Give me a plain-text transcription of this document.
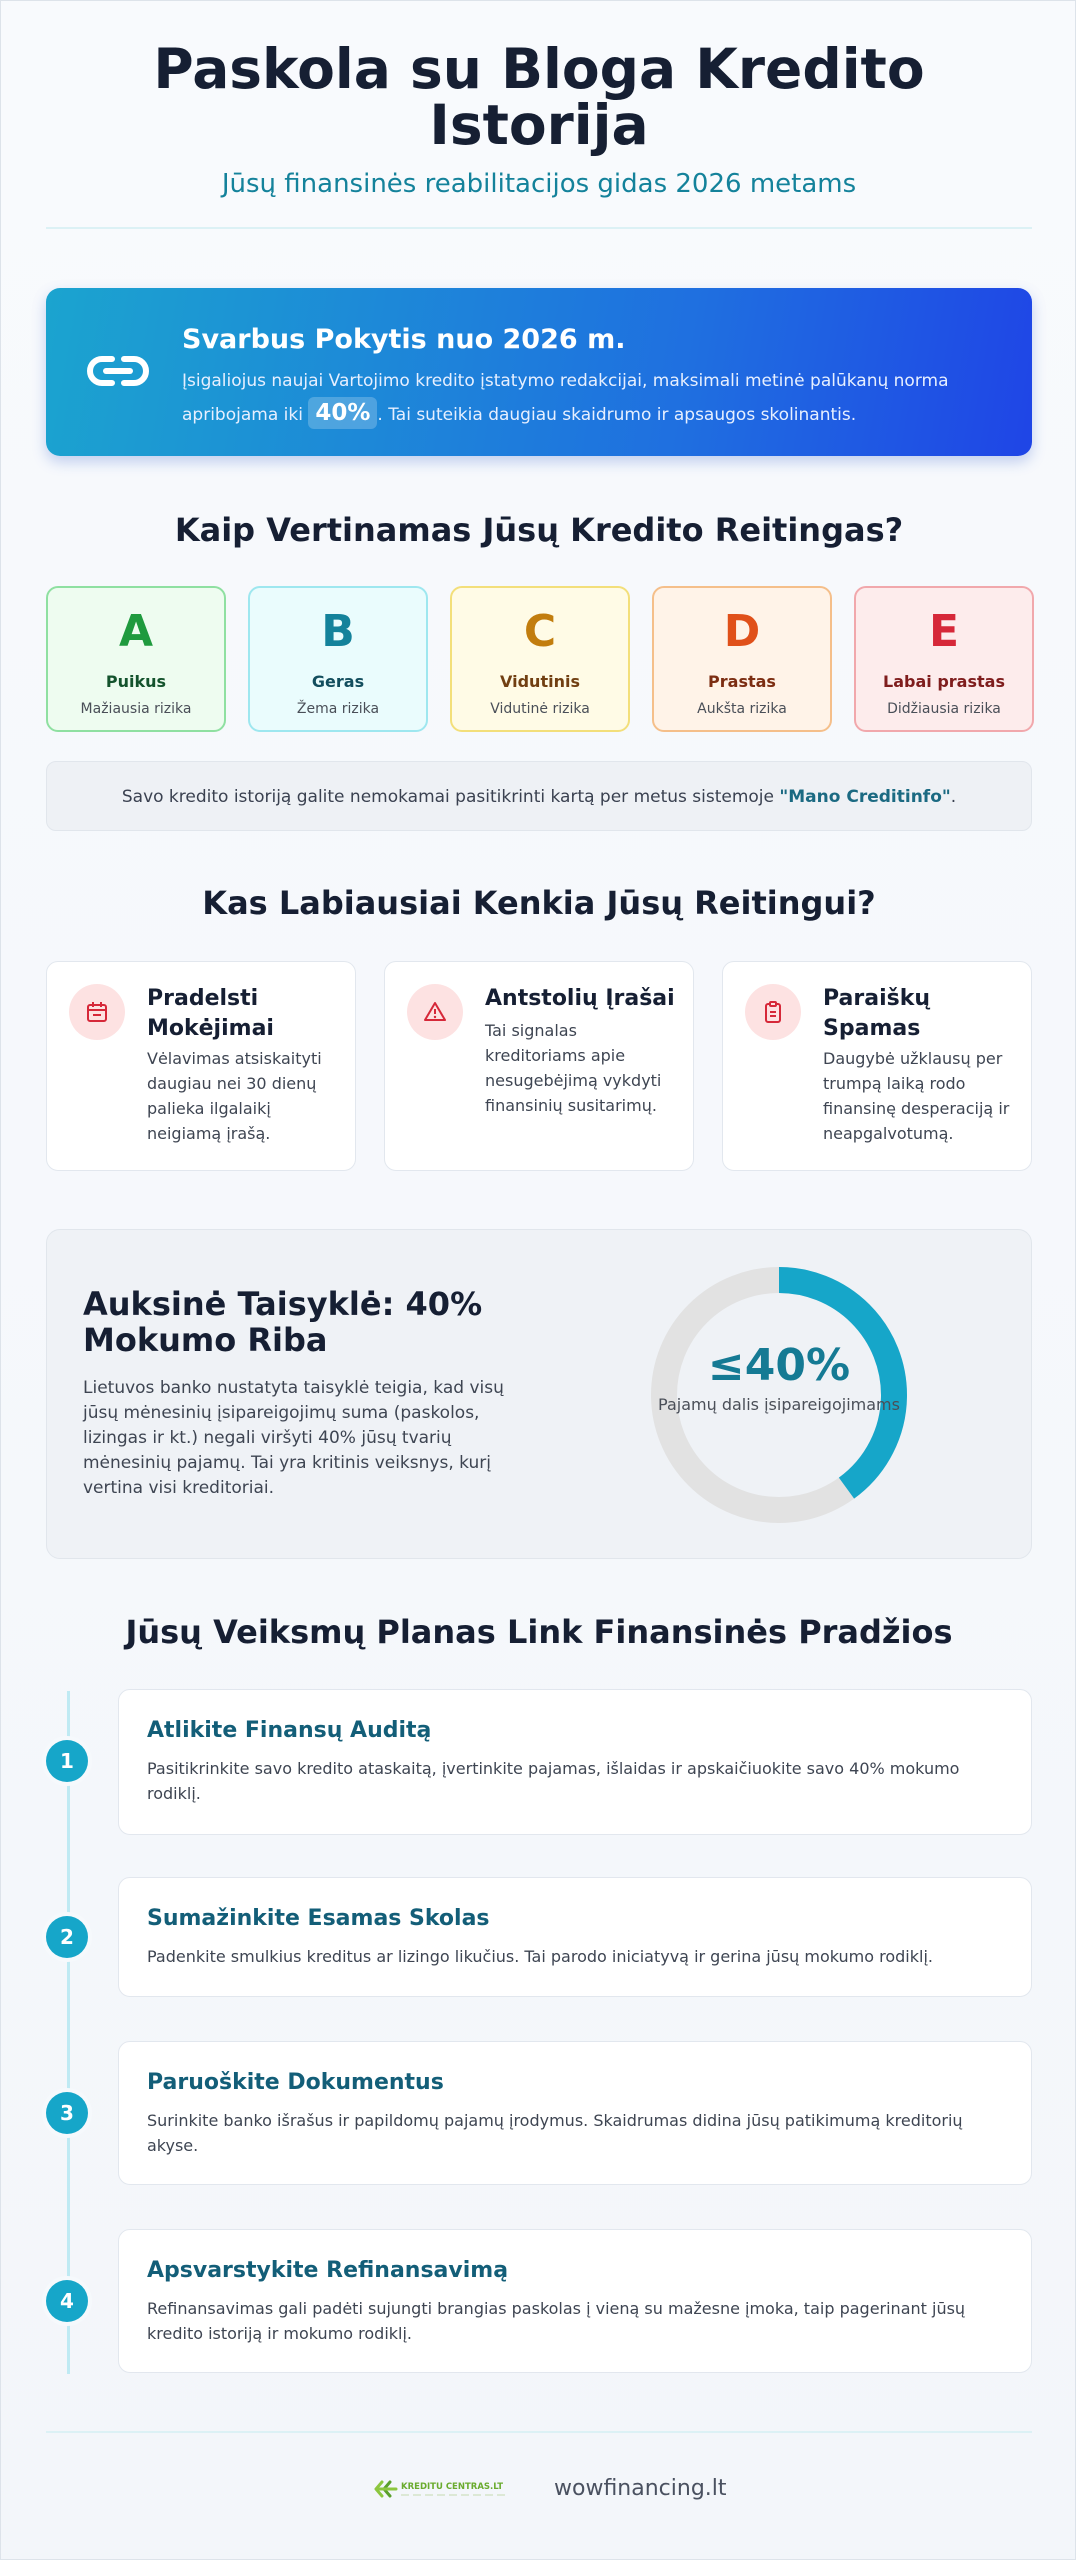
Paskola su Bloga Kredito Istorija
Jūsų finansinės reabilitacijos gidas 2026 metams
Svarbus Pokytis nuo 2026 m.
Įsigaliojus naujai Vartojimo kredito įstatymo redakcijai, maksimali metinė palūkanų norma apribojama iki 40% . Tai suteikia daugiau skaidrumo ir apsaugos skolinantis.
Kaip Vertinamas Jūsų Kredito Reitingas?
A
Puikus
Mažiausia rizika
B
Geras
Žema rizika
C
Vidutinis
Vidutinė rizika
D
Prastas
Aukšta rizika
E
Labai prastas
Didžiausia rizika
Savo kredito istoriją galite nemokamai pasitikrinti kartą per metus sistemoje "Mano Creditinfo".
Kas Labiausiai Kenkia Jūsų Reitingui?
Pradelsti Mokėjimai
Vėlavimas atsiskaityti daugiau nei 30 dienų palieka ilgalaikį neigiamą įrašą.
Antstolių Įrašai
Tai signalas kreditoriams apie nesugebėjimą vykdyti finansinių susitarimų.
Paraiškų Spamas
Daugybė užklausų per trumpą laiką rodo finansinę desperaciją ir neapgalvotumą.
Auksinė Taisyklė: 40% Mokumo Riba
Lietuvos banko nustatyta taisyklė teigia, kad visų jūsų mėnesinių įsipareigojimų suma (paskolos, lizingas ir kt.) negali viršyti 40% jūsų tvarių mėnesinių pajamų. Tai yra kritinis veiksnys, kurį vertina visi kreditoriai.
≤40%
Pajamų dalis įsipareigojimams
Jūsų Veiksmų Planas Link Finansinės Pradžios
1
Atlikite Finansų Auditą
Pasitikrinkite savo kredito ataskaitą, įvertinkite pajamas, išlaidas ir apskaičiuokite savo 40% mokumo rodiklį.
2
Sumažinkite Esamas Skolas
Padenkite smulkius kreditus ar lizingo likučius. Tai parodo iniciatyvą ir gerina jūsų mokumo rodiklį.
3
Paruoškite Dokumentus
Surinkite banko išrašus ir papildomų pajamų įrodymus. Skaidrumas didina jūsų patikimumą kreditorių akyse.
4
Apsvarstykite Refinansavimą
Refinansavimas gali padėti sujungti brangias paskolas į vieną su mažesne įmoka, taip pagerinant jūsų kredito istoriją ir mokumo rodiklį.
KREDITU CENTRAS.LT wowfinancing.lt
